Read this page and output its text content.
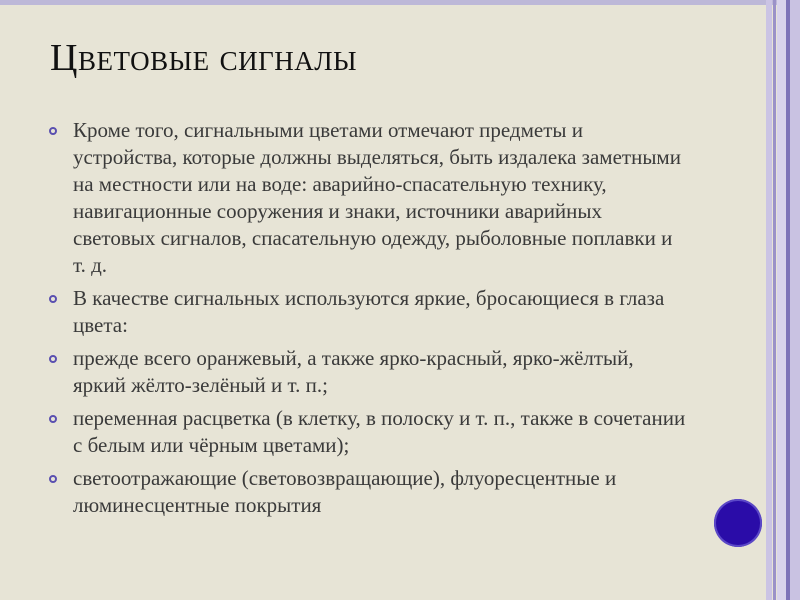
Цветовые сигналы
Кроме того, сигнальными цветами отмечают предметы и устройства, которые должны выделяться, быть издалека заметными на местности или на воде: аварийно-спасательную технику, навигационные сооружения и знаки, источники аварийных световых сигналов, спасательную одежду, рыболовные поплавки и т. д.
В качестве сигнальных используются яркие, бросающиеся в глаза цвета:
прежде всего оранжевый, а также ярко-красный, ярко-жёлтый, яркий жёлто-зелёный и т. п.;
переменная расцветка (в клетку, в полоску и т. п., также в сочетании с белым или чёрным цветами);
светоотражающие (световозвращающие), флуоресцентные и люминесцентные покрытия
